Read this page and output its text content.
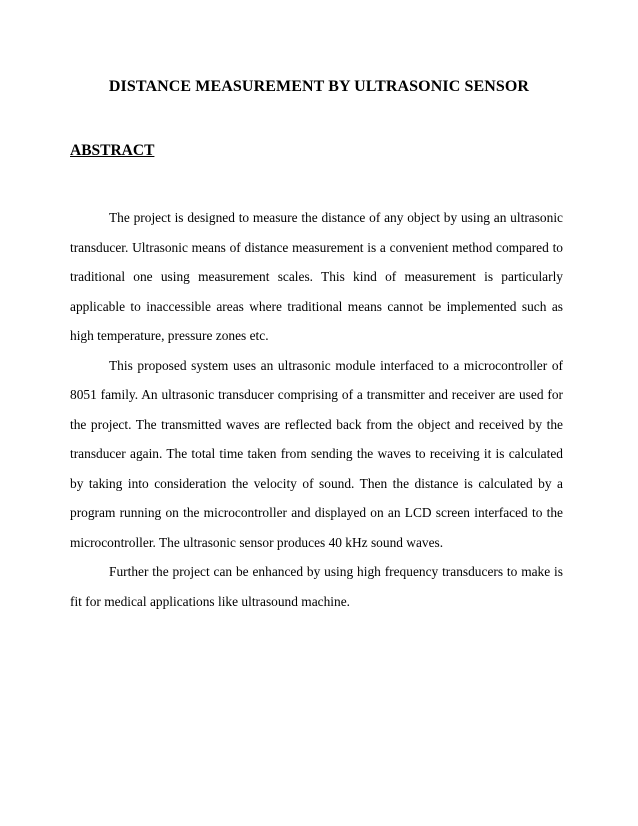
DISTANCE MEASUREMENT BY ULTRASONIC SENSOR
ABSTRACT

The project is designed to measure the distance of any object by using an ultrasonic transducer. Ultrasonic means of distance measurement is a convenient method compared to traditional one using measurement scales. This kind of measurement is particularly applicable to inaccessible areas where traditional means cannot be implemented such as high temperature, pressure zones etc.

This proposed system uses an ultrasonic module interfaced to a microcontroller of 8051 family. An ultrasonic transducer comprising of a transmitter and receiver are used for the project. The transmitted waves are reflected back from the object and received by the transducer again. The total time taken from sending the waves to receiving it is calculated by taking into consideration the velocity of sound. Then the distance is calculated by a program running on the microcontroller and displayed on an LCD screen interfaced to the microcontroller. The ultrasonic sensor produces 40 kHz sound waves.

Further the project can be enhanced by using high frequency transducers to make is fit for medical applications like ultrasound machine.
